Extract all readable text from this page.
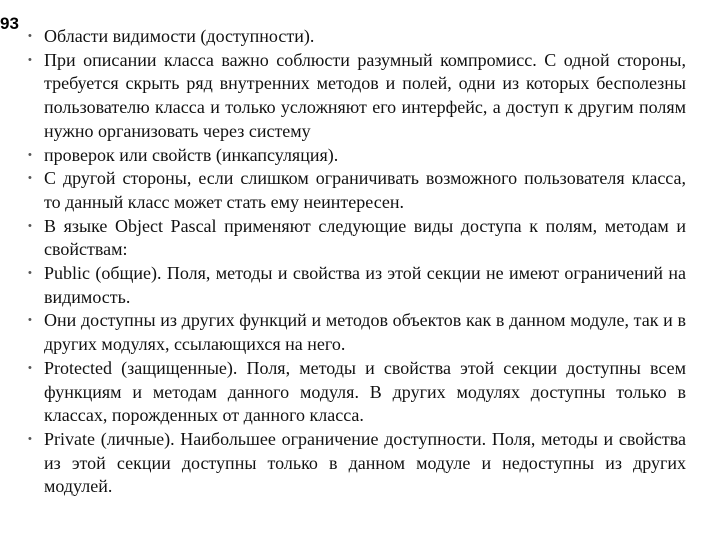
93
• Области видимости (доступности).
• При описании класса важно соблюсти разумный компромисс. С одной стороны, требуется скрыть ряд внутренних методов и полей, одни из которых бесполезны пользователю класса и только усложняют его интерфейс, а доступ к другим полям нужно организовать через систему
• проверок или свойств (инкапсуляция).
• С другой стороны, если слишком ограничивать возможного пользователя класса, то данный класс может стать ему неинтересен.
• В языке Object Pascal применяют следующие виды доступа к полям, методам и свойствам:
• Public (общие). Поля, методы и свойства из этой секции не имеют ограничений на видимость.
• Они доступны из других функций и методов объектов как в данном модуле, так и в других модулях, ссылающихся на него.
• Protected (защищенные). Поля, методы и свойства этой секции доступны всем функциям и методам данного модуля. В других модулях доступны только в классах, порожденных от данного класса.
• Private (личные). Наибольшее ограничение доступности. Поля, методы и свойства из этой секции доступны только в данном модуле и недоступны из других модулей.
